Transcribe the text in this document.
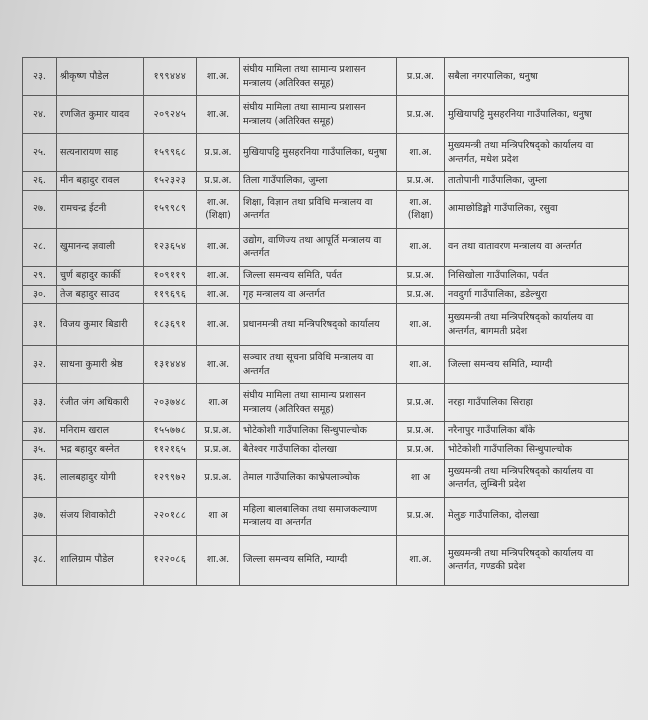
२३.	श्रीकृष्ण पौडेल	१९९४४४	शा.अ.	संघीय मामिला तथा सामान्य प्रशासन मन्त्रालय (अतिरिक्त समूह)	प्र.प्र.अ.	सबैला नगरपालिका, धनुषा
२४.	रणजित कुमार यादव	२०९२४५	शा.अ.	संघीय मामिला तथा सामान्य प्रशासन मन्त्रालय (अतिरिक्त समूह)	प्र.प्र.अ.	मुखियापट्टि मुसहरनिया गाउँपालिका, धनुषा
२५.	सत्यनारायण साह	१५९९६८	प्र.प्र.अ.	मुखियापट्टि मुसहरनिया गाउँपालिका, धनुषा	शा.अ.	मुख्यमन्त्री तथा मन्त्रिपरिषद्को कार्यालय वा अन्तर्गत, मधेश प्रदेश
२६.	मीन बहादुर रावल	१५२३२३	प्र.प्र.अ.	तिला गाउँपालिका, जुम्ला	प्र.प्र.अ.	तातोपानी गाउँपालिका, जुम्ला
२७.	रामचन्द्र ईटनी	१५९९८९	शा.अ. (शिक्षा)	शिक्षा, विज्ञान तथा प्रविधि मन्त्रालय वा अन्तर्गत	शा.अ. (शिक्षा)	आमाछोडिङ्मो गाउँपालिका, रसुवा
२८.	खुमानन्द ज्ञवाली	१२३६५४	शा.अ.	उद्योग, वाणिज्य तथा आपूर्ति मन्त्रालय वा अन्तर्गत	शा.अ.	वन तथा वातावरण मन्त्रालय वा अन्तर्गत
२९.	चुर्ण बहादुर कार्की	१०९११९	शा.अ.	जिल्ला समन्वय समिति, पर्वत	प्र.प्र.अ.	निसिखोला गाउँपालिका, पर्वत
३०.	तेज बहादुर साउद	११९६९६	शा.अ.	गृह मन्त्रालय वा अन्तर्गत	प्र.प्र.अ.	नवदुर्गा गाउँपालिका, डडेल्धुरा
३१.	विजय कुमार बिडारी	१८३६९१	शा.अ.	प्रधानमन्त्री तथा मन्त्रिपरिषद्को कार्यालय	शा.अ.	मुख्यमन्त्री तथा मन्त्रिपरिषद्को कार्यालय वा अन्तर्गत, बागमती प्रदेश
३२.	साधना कुमारी श्रेष्ठ	१३१४४४	शा.अ.	सञ्चार तथा सूचना प्रविधि मन्त्रालय वा अन्तर्गत	शा.अ.	जिल्ला समन्वय समिति, म्याग्दी
३३.	रंजीत जंग अधिकारी	२०३७४८	शा.अ	संघीय मामिला तथा सामान्य प्रशासन मन्त्रालय (अतिरिक्त समूह)	प्र.प्र.अ.	नरहा गाउँपालिका सिराहा
३४.	मनिराम खराल	१५५७७८	प्र.प्र.अ.	भोटेकोशी गाउँपालिका सिन्धुपाल्चोक	प्र.प्र.अ.	नरैनापुर गाउँपालिका बाँके
३५.	भद्र बहादुर बस्नेत	११२१६५	प्र.प्र.अ.	बैतेश्वर गाउँपालिका दोलखा	प्र.प्र.अ.	भोटेकोशी गाउँपालिका सिन्धुपाल्चोक
३६.	लालबहादुर योगी	१२९९७२	प्र.प्र.अ.	तेमाल गाउँपालिका काभ्रेपलाञ्चोक	शा अ	मुख्यमन्त्री तथा मन्त्रिपरिषद्को कार्यालय वा अन्तर्गत, लुम्बिनी प्रदेश
३७.	संजय शिवाकोटी	२२०१८८	शा अ	महिला बालबालिका तथा समाजकल्याण मन्त्रालय वा अन्तर्गत	प्र.प्र.अ.	मेलुङ गाउँपालिका, दोलखा
३८.	शालिग्राम पौडेल	१२२०८६	शा.अ.	जिल्ला समन्वय समिति, म्याग्दी	शा.अ.	मुख्यमन्त्री तथा मन्त्रिपरिषद्को कार्यालय वा अन्तर्गत, गण्डकी प्रदेश
